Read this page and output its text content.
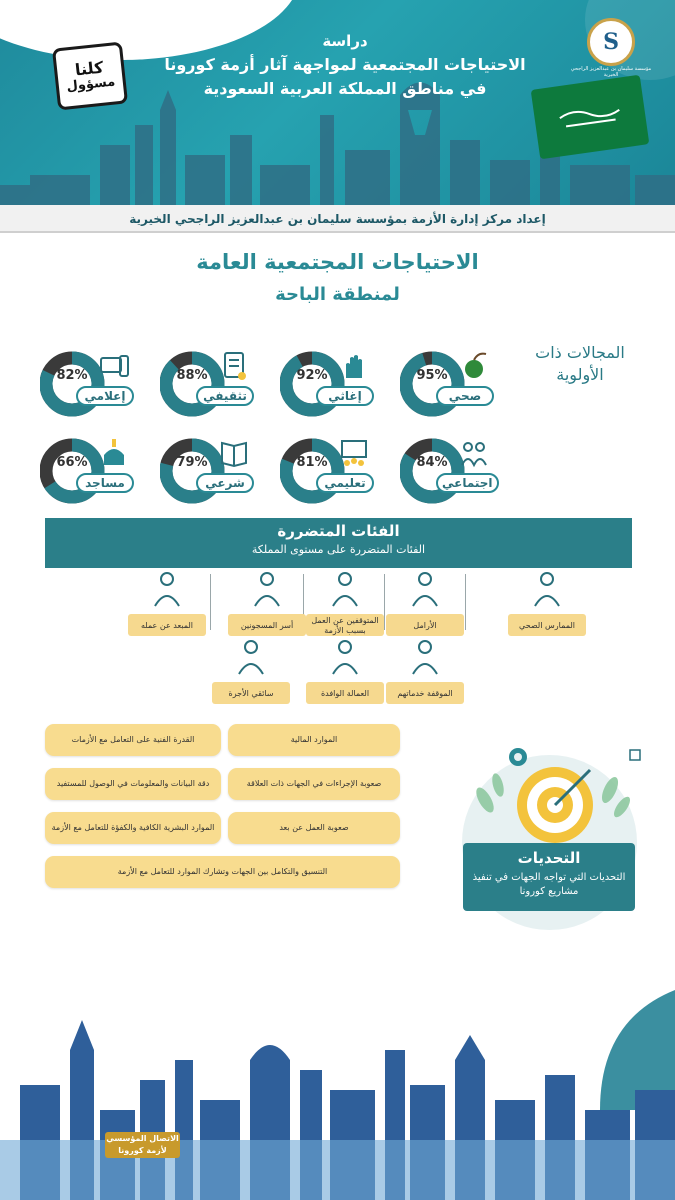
كلنا
مسؤول
S
مؤسسة سليمان بن عبدالعزيز الراجحي الخيرية
دراسة
الاحتياجات المجتمعية لمواجهة آثار أزمة كورونا
في مناطق المملكة العربية السعودية
إعداد مركز إدارة الأزمة بمؤسسة سليمان بن عبدالعزيز الراجحي الخيرية
الاحتياجات المجتمعية العامة
لمنطقة الباحة
المجالات ذات الأولوية
95%
صحي
92%
إغاثي
88%
تثقيفي
82%
إعلامي
84%
اجتماعي
81%
تعليمي
79%
شرعي
66%
مساجد
الفئات المتضررة
الفئات المتضررة على مستوى المملكة
الممارس الصحي
الأرامل
المتوقفين عن العمل بسبب الأزمة
أسر المسجونين
المبعد عن عمله
الموقفة خدماتهم
العمالة الوافدة
سائقي الأجرة
الموارد المالية
القدرة الفنية على التعامل مع الأزمات
صعوبة الإجراءات في الجهات ذات العلاقة
دقة البيانات والمعلومات في الوصول للمستفيد
صعوبة العمل عن بعد
الموارد البشرية الكافية والكفؤة للتعامل مع الأزمة
التنسيق والتكامل بين الجهات وتشارك الموارد للتعامل مع الأزمة
التحديات
التحديات التي تواجه الجهات في تنفيذ مشاريع كورونا
الاتصال المؤسسي
لأزمة كورونا
